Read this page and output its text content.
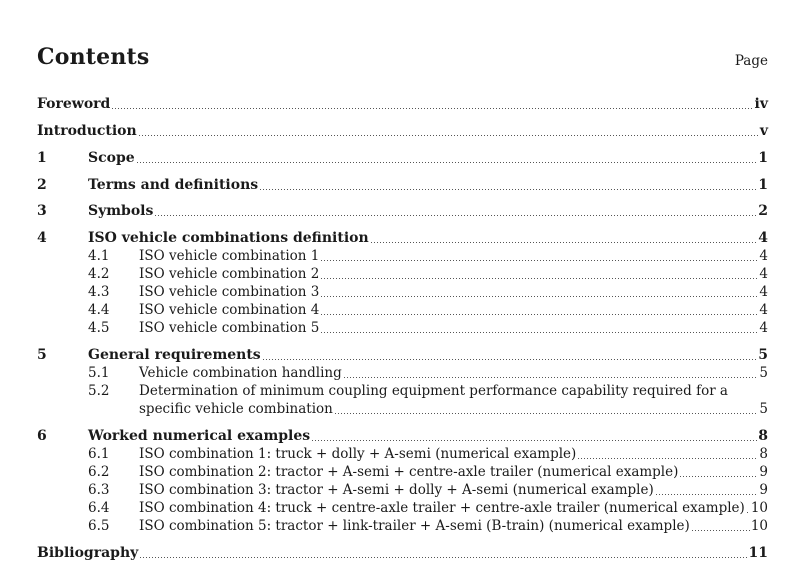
Contents	Page
Foreword	iv
Introduction	v
1	Scope	1
2	Terms and definitions	1
3	Symbols	2
4	ISO vehicle combinations definition	4
4.1	ISO vehicle combination 1	4
4.2	ISO vehicle combination 2	4
4.3	ISO vehicle combination 3	4
4.4	ISO vehicle combination 4	4
4.5	ISO vehicle combination 5	4
5	General requirements	5
5.1	Vehicle combination handling	5
5.2	Determination of minimum coupling equipment performance capability required for a
specific vehicle combination	5
6	Worked numerical examples	8
6.1	ISO combination 1: truck + dolly + A-semi (numerical example)	8
6.2	ISO combination 2: tractor + A-semi + centre-axle trailer (numerical example)	9
6.3	ISO combination 3: tractor + A-semi + dolly + A-semi (numerical example)	9
6.4	ISO combination 4: truck + centre-axle trailer + centre-axle trailer (numerical example) 10
6.5	ISO combination 5: tractor + link-trailer + A-semi (B-train) (numerical example)	10
Bibliography	11
